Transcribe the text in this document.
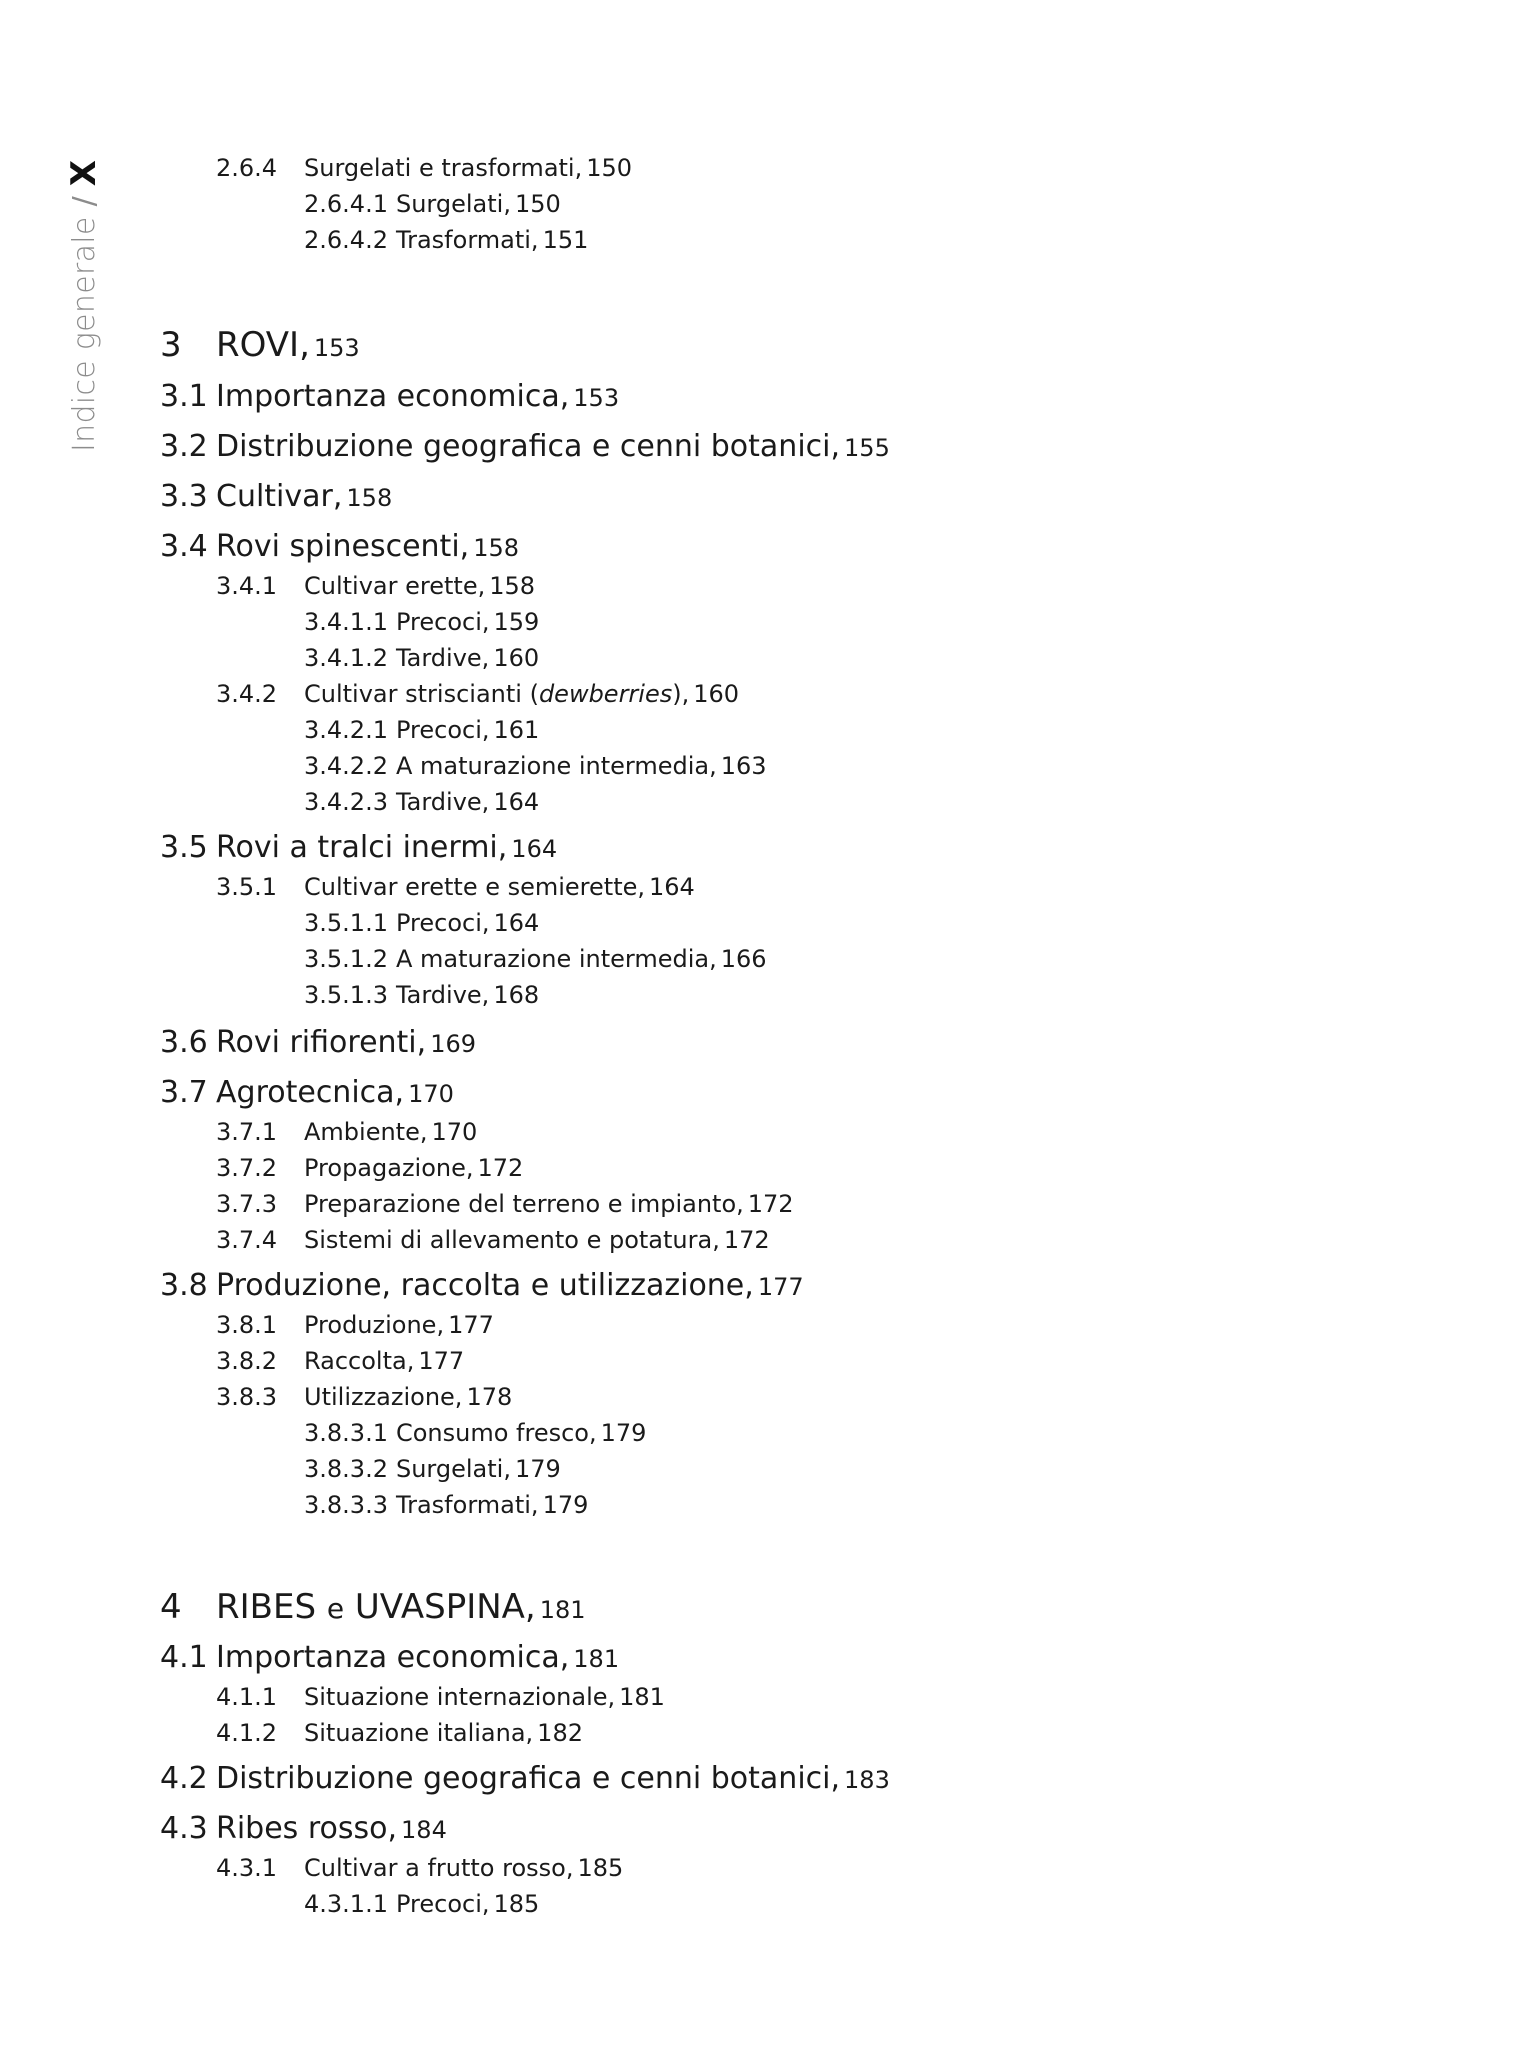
Indice generale
/
X	2.6.4 Surgelati e trasformati, 150
2.6.4.1 Surgelati, 150
2.6.4.2 Trasformati, 151
3 ROVI, 153
3.1 Importanza economica, 153
3.2 Distribuzione geografica e cenni botanici, 155
3.3 Cultivar, 158
3.4 Rovi spinescenti, 158
3.4.1 Cultivar erette, 158
3.4.1.1 Precoci, 159
3.4.1.2 Tardive, 160
3.4.2 Cultivar striscianti (dewberries), 160
3.4.2.1 Precoci, 161
3.4.2.2 A maturazione intermedia, 163
3.4.2.3 Tardive, 164
3.5 Rovi a tralci inermi, 164
3.5.1 Cultivar erette e semierette, 164
3.5.1.1 Precoci, 164
3.5.1.2 A maturazione intermedia, 166
3.5.1.3 Tardive, 168
3.6 Rovi rifiorenti, 169
3.7 Agrotecnica, 170
3.7.1 Ambiente, 170
3.7.2 Propagazione, 172
3.7.3 Preparazione del terreno e impianto, 172
3.7.4 Sistemi di allevamento e potatura, 172
3.8 Produzione, raccolta e utilizzazione, 177
3.8.1 Produzione, 177
3.8.2 Raccolta, 177
3.8.3 Utilizzazione, 178
3.8.3.1 Consumo fresco, 179
3.8.3.2 Surgelati, 179
3.8.3.3 Trasformati, 179
4 RIBES e UVASPINA, 181
4.1 Importanza economica, 181
4.1.1 Situazione internazionale, 181
4.1.2 Situazione italiana, 182
4.2 Distribuzione geografica e cenni botanici, 183
4.3 Ribes rosso, 184
4.3.1 Cultivar a frutto rosso, 185
4.3.1.1 Precoci, 185
